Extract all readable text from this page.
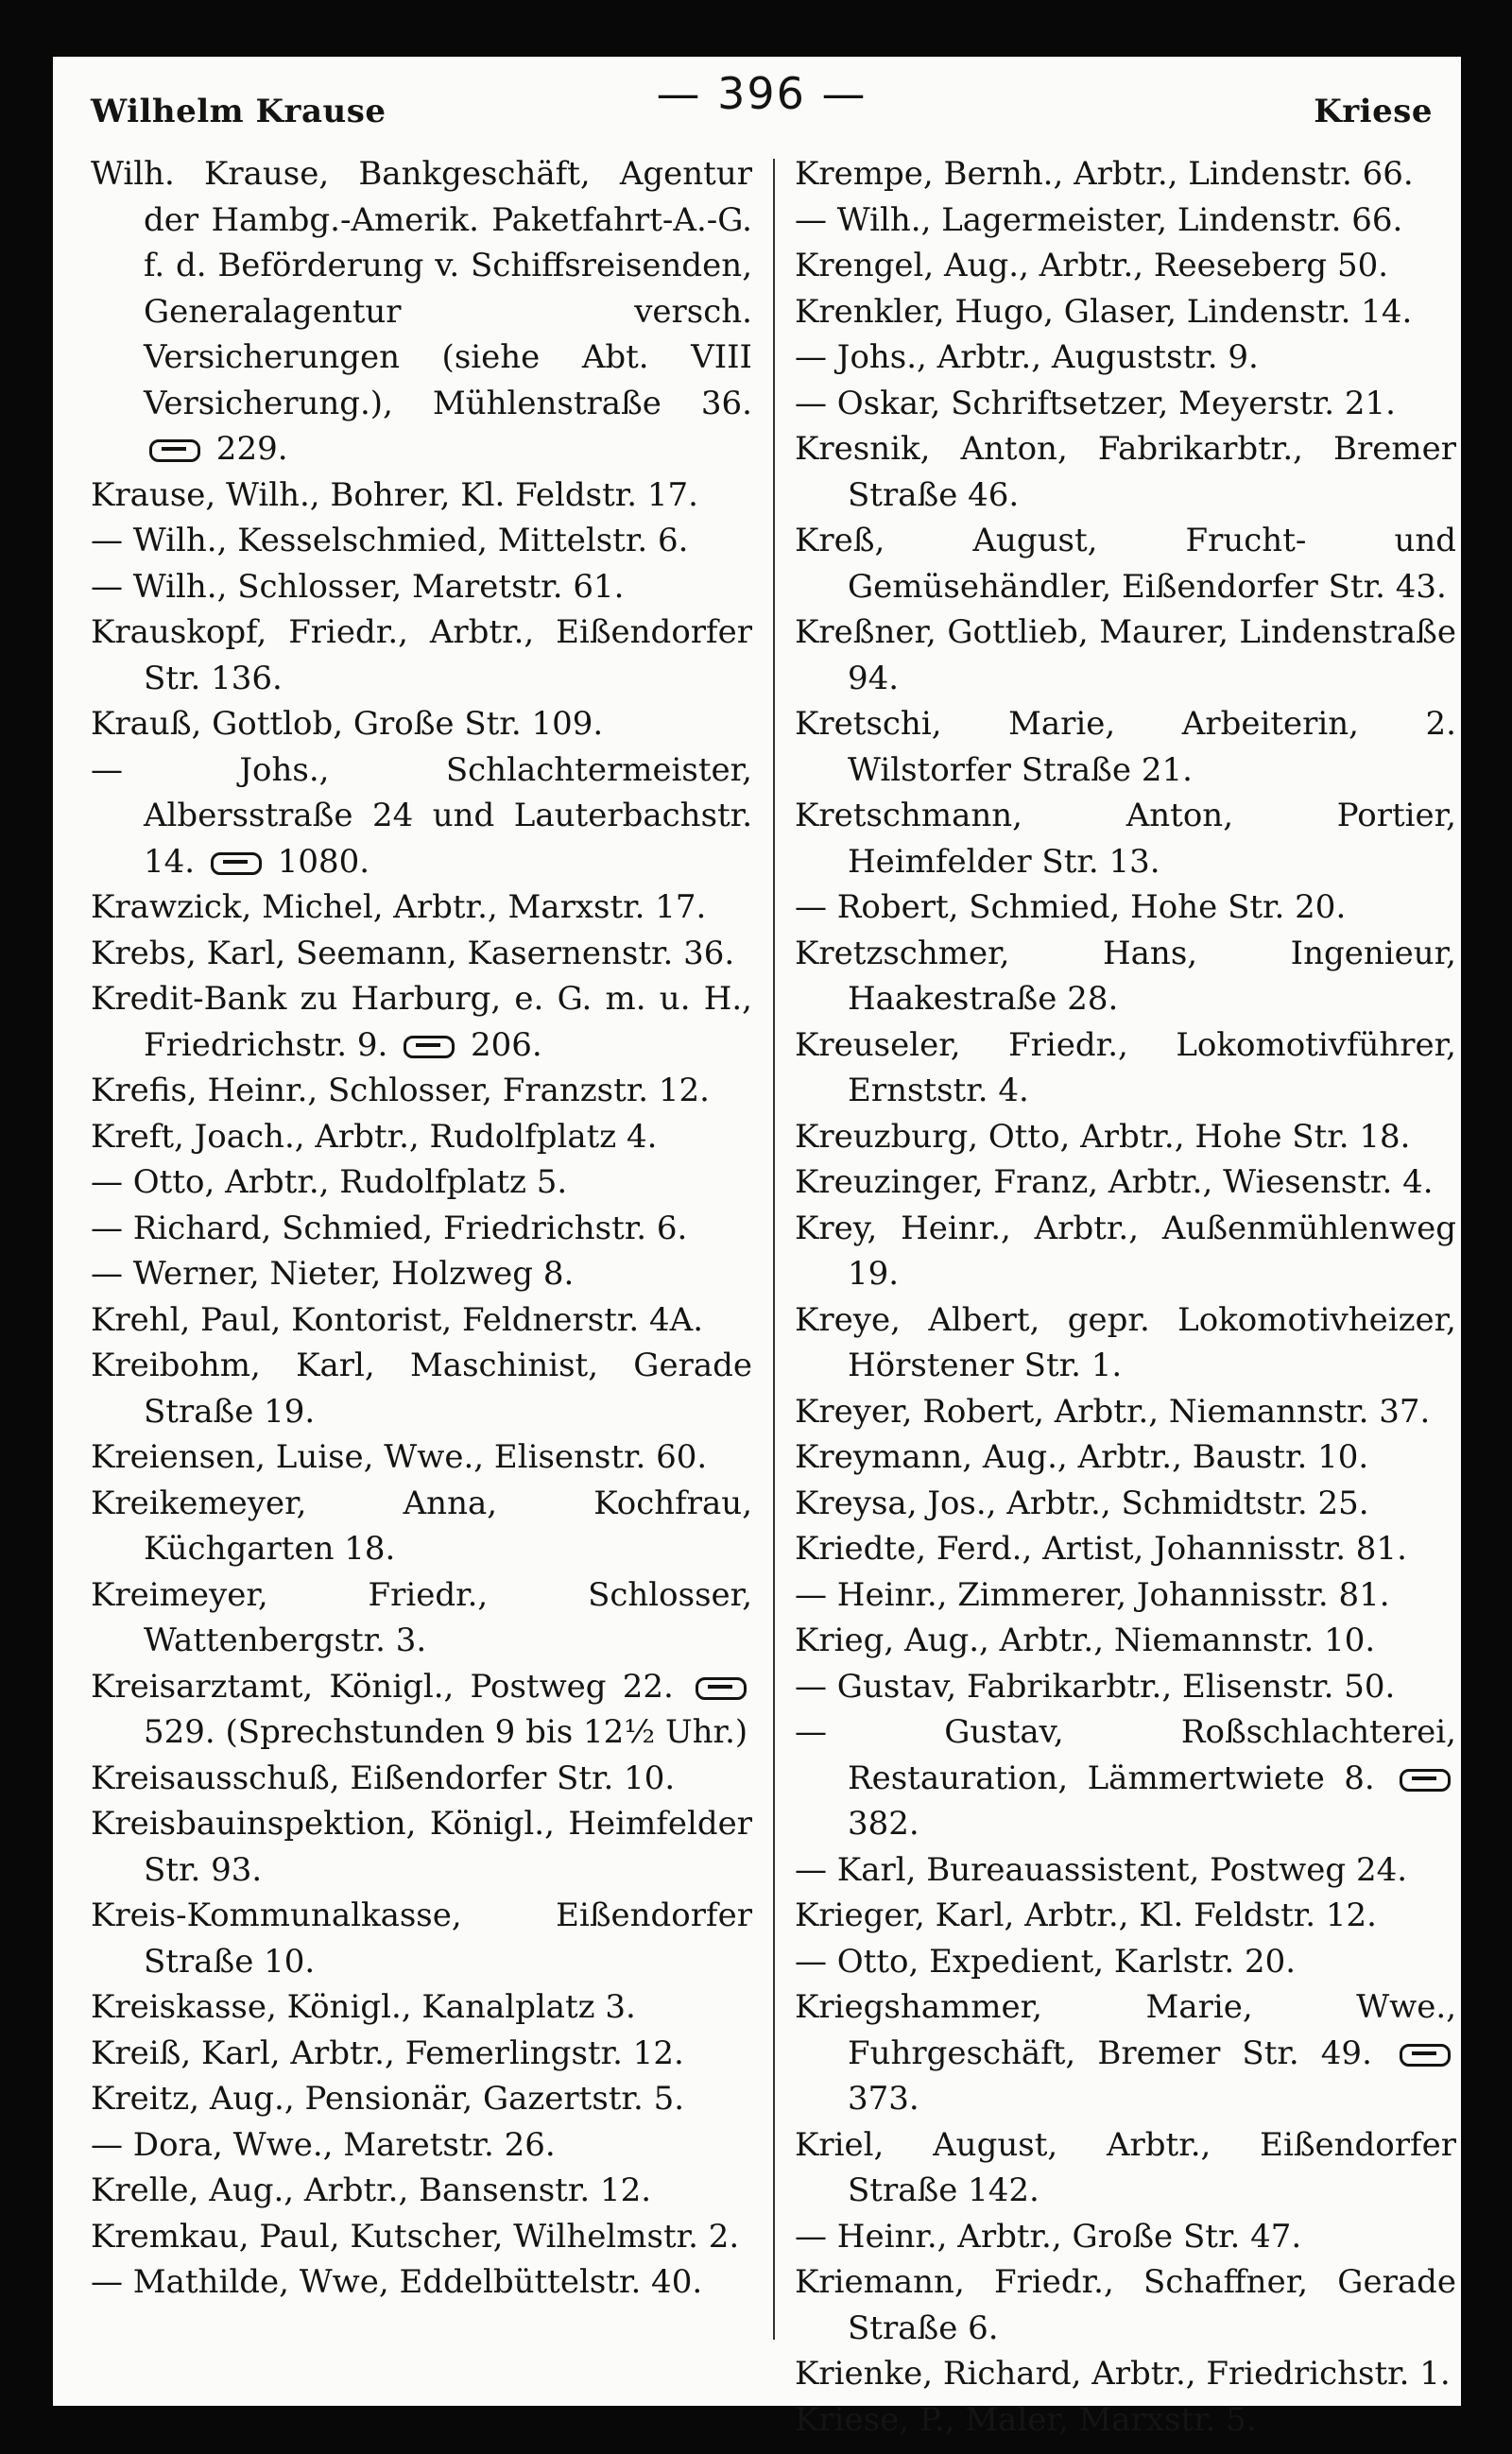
Wilhelm Krause	— 396 —	Kriese
Wilh. Krause, Bankgeschäft, Agentur der Hambg.-Amerik. Paketfahrt-A.-G. f. d. Beförderung v. Schiffsreisenden, Generalagentur versch. Versicherungen (siehe Abt. VIII Versicherung.), Mühlenstraße 36.  229.
Krause, Wilh., Bohrer, Kl. Feldstr. 17.
— Wilh., Kesselschmied, Mittelstr. 6.
— Wilh., Schlosser, Maretstr. 61.
Krauskopf, Friedr., Arbtr., Eißendorfer Str. 136.
Krauß, Gottlob, Große Str. 109.
— Johs., Schlachtermeister, Albersstraße 24 und Lauterbachstr. 14.  1080.
Krawzick, Michel, Arbtr., Marxstr. 17.
Krebs, Karl, Seemann, Kasernenstr. 36.
Kredit-Bank zu Harburg, e. G. m. u. H., Friedrichstr. 9.  206.
Krefis, Heinr., Schlosser, Franzstr. 12.
Kreft, Joach., Arbtr., Rudolfplatz 4.
— Otto, Arbtr., Rudolfplatz 5.
— Richard, Schmied, Friedrichstr. 6.
— Werner, Nieter, Holzweg 8.
Krehl, Paul, Kontorist, Feldnerstr. 4A.
Kreibohm, Karl, Maschinist, Gerade Straße 19.
Kreiensen, Luise, Wwe., Elisenstr. 60.
Kreikemeyer, Anna, Kochfrau, Küchgarten 18.
Kreimeyer, Friedr., Schlosser, Wattenbergstr. 3.
Kreisarztamt, Königl., Postweg 22.  529. (Sprechstunden 9 bis 12½ Uhr.)
Kreisausschuß, Eißendorfer Str. 10.
Kreisbauinspektion, Königl., Heimfelder Str. 93.
Kreis-Kommunalkasse, Eißendorfer Straße 10.
Kreiskasse, Königl., Kanalplatz 3.
Kreiß, Karl, Arbtr., Femerlingstr. 12.
Kreitz, Aug., Pensionär, Gazertstr. 5.
— Dora, Wwe., Maretstr. 26.
Krelle, Aug., Arbtr., Bansenstr. 12.
Kremkau, Paul, Kutscher, Wilhelmstr. 2.
— Mathilde, Wwe, Eddelbüttelstr. 40.
Krempe, Bernh., Arbtr., Lindenstr. 66.
— Wilh., Lagermeister, Lindenstr. 66.
Krengel, Aug., Arbtr., Reeseberg 50.
Krenkler, Hugo, Glaser, Lindenstr. 14.
— Johs., Arbtr., Auguststr. 9.
— Oskar, Schriftsetzer, Meyerstr. 21.
Kresnik, Anton, Fabrikarbtr., Bremer Straße 46.
Kreß, August, Frucht- und Gemüsehändler, Eißendorfer Str. 43.
Kreßner, Gottlieb, Maurer, Lindenstraße 94.
Kretschi, Marie, Arbeiterin, 2. Wilstorfer Straße 21.
Kretschmann, Anton, Portier, Heimfelder Str. 13.
— Robert, Schmied, Hohe Str. 20.
Kretzschmer, Hans, Ingenieur, Haakestraße 28.
Kreuseler, Friedr., Lokomotivführer, Ernststr. 4.
Kreuzburg, Otto, Arbtr., Hohe Str. 18.
Kreuzinger, Franz, Arbtr., Wiesenstr. 4.
Krey, Heinr., Arbtr., Außenmühlenweg 19.
Kreye, Albert, gepr. Lokomotivheizer, Hörstener Str. 1.
Kreyer, Robert, Arbtr., Niemannstr. 37.
Kreymann, Aug., Arbtr., Baustr. 10.
Kreysa, Jos., Arbtr., Schmidtstr. 25.
Kriedte, Ferd., Artist, Johannisstr. 81.
— Heinr., Zimmerer, Johannisstr. 81.
Krieg, Aug., Arbtr., Niemannstr. 10.
— Gustav, Fabrikarbtr., Elisenstr. 50.
— Gustav, Roßschlachterei, Restauration, Lämmertwiete 8.  382.
— Karl, Bureauassistent, Postweg 24.
Krieger, Karl, Arbtr., Kl. Feldstr. 12.
— Otto, Expedient, Karlstr. 20.
Kriegshammer, Marie, Wwe., Fuhrgeschäft, Bremer Str. 49.  373.
Kriel, August, Arbtr., Eißendorfer Straße 142.
— Heinr., Arbtr., Große Str. 47.
Kriemann, Friedr., Schaffner, Gerade Straße 6.
Krienke, Richard, Arbtr., Friedrichstr. 1.
Kriese, P., Maler, Marxstr. 5.
